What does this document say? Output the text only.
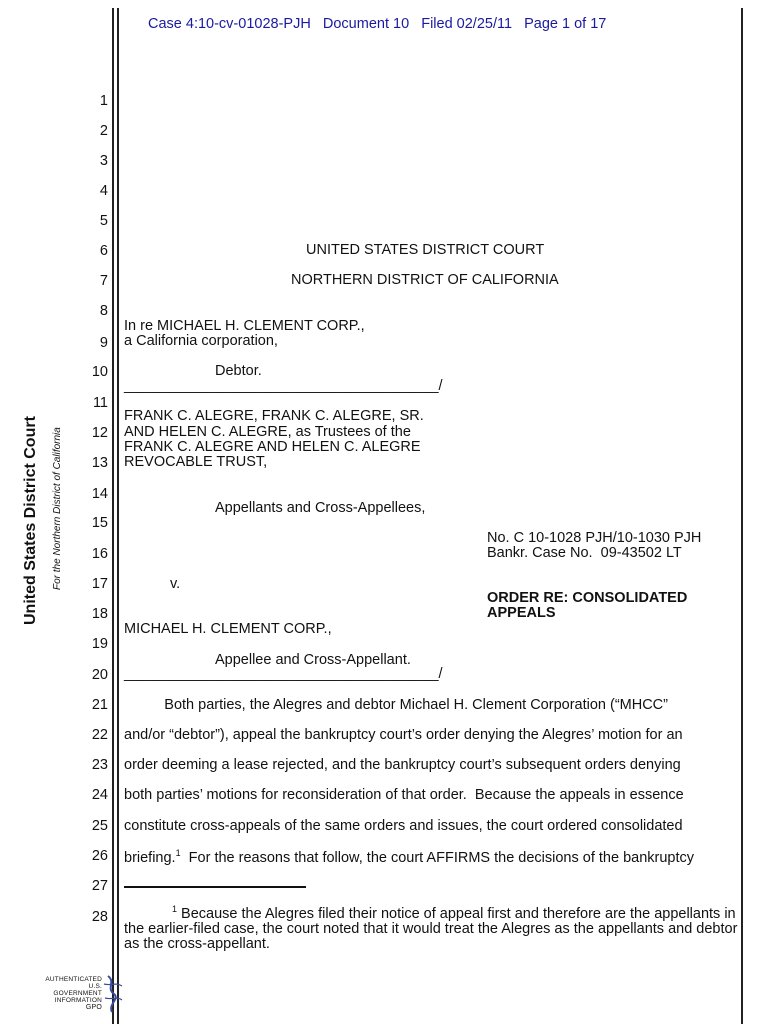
Case 4:10-cv-01028-PJH   Document 10   Filed 02/25/11   Page 1 of 17
United States District Court For the Northern District of California
1
2
3
4
5
6
7
8
9
10
11
12
13
14
15
16
17
18
19
20
21
22
23
24
25
26
27
28
UNITED STATES DISTRICT COURT
NORTHERN DISTRICT OF CALIFORNIA
In re MICHAEL H. CLEMENT CORP.,
a California corporation,
Debtor.
_______________________________________/
FRANK C. ALEGRE, FRANK C. ALEGRE, SR.
AND HELEN C. ALEGRE, as Trustees of the
FRANK C. ALEGRE AND HELEN C. ALEGRE
REVOCABLE TRUST,
Appellants and Cross-Appellees,
No. C 10-1028 PJH/10-1030 PJH
Bankr. Case No.  09-43502 LT
v.
ORDER RE: CONSOLIDATED
APPEALS
MICHAEL H. CLEMENT CORP.,
Appellee and Cross-Appellant.
_______________________________________/
Both parties, the Alegres and debtor Michael H. Clement Corporation (“MHCC”
and/or “debtor”), appeal the bankruptcy court’s order denying the Alegres’ motion for an
order deeming a lease rejected, and the bankruptcy court’s subsequent orders denying
both parties’ motions for reconsideration of that order.  Because the appeals in essence
constitute cross-appeals of the same orders and issues, the court ordered consolidated
briefing.$^1$  For the reasons that follow, the court AFFIRMS the decisions of the bankruptcy
$^1$ Because the Alegres filed their notice of appeal first and therefore are the appellants in the earlier-filed case, the court noted that it would treat the Alegres as the appellants and debtor as the cross-appellant.
AUTHENTICATED
U.S. GOVERNMENT
INFORMATION
GPO
